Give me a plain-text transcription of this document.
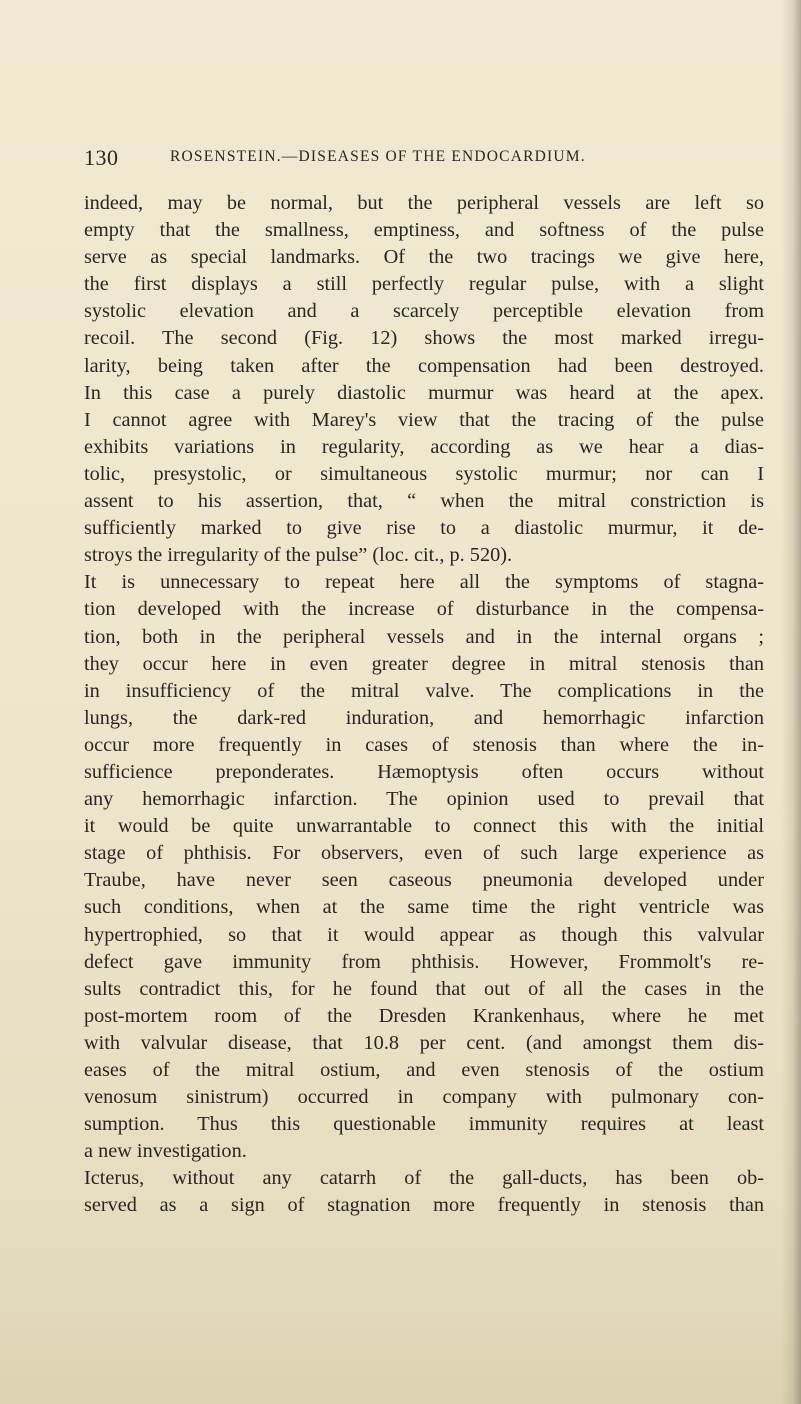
130	ROSENSTEIN.—DISEASES OF THE ENDOCARDIUM.
indeed, may be normal, but the peripheral vessels are left so
empty that the smallness, emptiness, and softness of the pulse
serve as special landmarks. Of the two tracings we give here,
the first displays a still perfectly regular pulse, with a slight
systolic elevation and a scarcely perceptible elevation from
recoil. The second (Fig. 12) shows the most marked irregu-
larity, being taken after the compensation had been destroyed.
In this case a purely diastolic murmur was heard at the apex.
I cannot agree with Marey's view that the tracing of the pulse
exhibits variations in regularity, according as we hear a dias-
tolic, presystolic, or simultaneous systolic murmur; nor can I
assent to his assertion, that, “ when the mitral constriction is
sufficiently marked to give rise to a diastolic murmur, it de-
stroys the irregularity of the pulse” (loc. cit., p. 520).
It is unnecessary to repeat here all the symptoms of stagna-
tion developed with the increase of disturbance in the compensa-
tion, both in the peripheral vessels and in the internal organs ;
they occur here in even greater degree in mitral stenosis than
in insufficiency of the mitral valve. The complications in the
lungs, the dark-red induration, and hemorrhagic infarction
occur more frequently in cases of stenosis than where the in-
sufficience preponderates. Hæmoptysis often occurs without
any hemorrhagic infarction. The opinion used to prevail that
it would be quite unwarrantable to connect this with the initial
stage of phthisis. For observers, even of such large experience as
Traube, have never seen caseous pneumonia developed under
such conditions, when at the same time the right ventricle was
hypertrophied, so that it would appear as though this valvular
defect gave immunity from phthisis. However, Frommolt's re-
sults contradict this, for he found that out of all the cases in the
post-mortem room of the Dresden Krankenhaus, where he met
with valvular disease, that 10.8 per cent. (and amongst them dis-
eases of the mitral ostium, and even stenosis of the ostium
venosum sinistrum) occurred in company with pulmonary con-
sumption. Thus this questionable immunity requires at least
a new investigation.
Icterus, without any catarrh of the gall-ducts, has been ob-
served as a sign of stagnation more frequently in stenosis than
